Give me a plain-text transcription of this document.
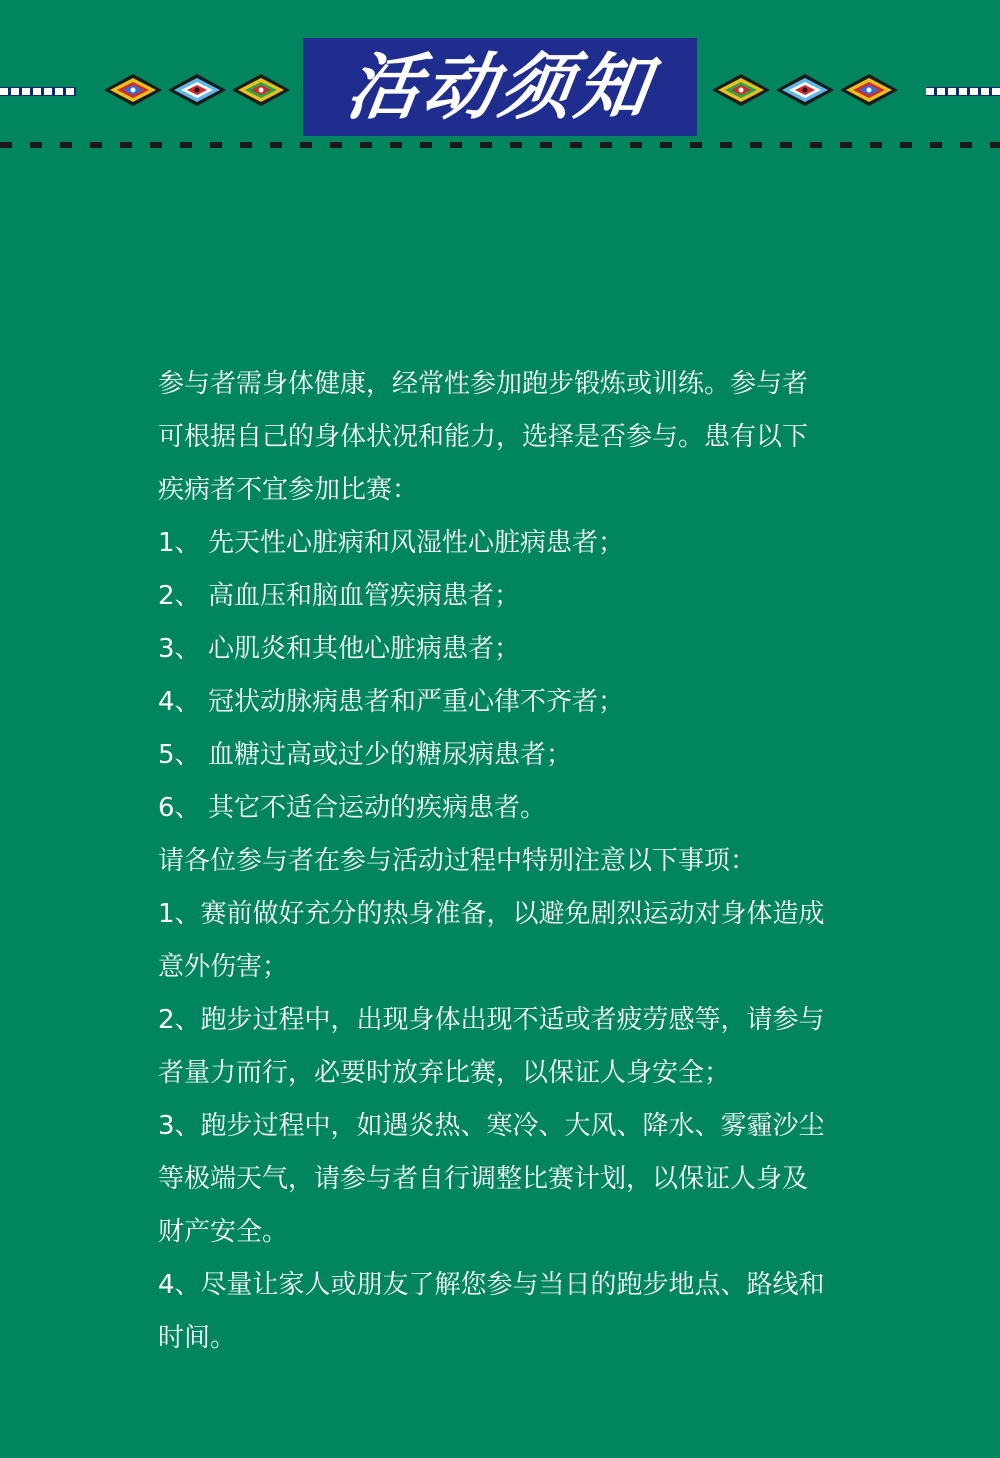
活动须知
参与者需身体健康，经常性参加跑步锻炼或训练。参与者
可根据自己的身体状况和能力，选择是否参与。患有以下
疾病者不宜参加比赛：
1、 先天性心脏病和风湿性心脏病患者；
2、 高血压和脑血管疾病患者；
3、 心肌炎和其他心脏病患者；
4、 冠状动脉病患者和严重心律不齐者；
5、 血糖过高或过少的糖尿病患者；
6、 其它不适合运动的疾病患者。
请各位参与者在参与活动过程中特别注意以下事项：
1、赛前做好充分的热身准备，以避免剧烈运动对身体造成
意外伤害；
2、跑步过程中，出现身体出现不适或者疲劳感等，请参与
者量力而行，必要时放弃比赛，以保证人身安全；
3、跑步过程中，如遇炎热、寒冷、大风、降水、雾霾沙尘
等极端天气，请参与者自行调整比赛计划，以保证人身及
财产安全。
4、尽量让家人或朋友了解您参与当日的跑步地点、路线和
时间。
